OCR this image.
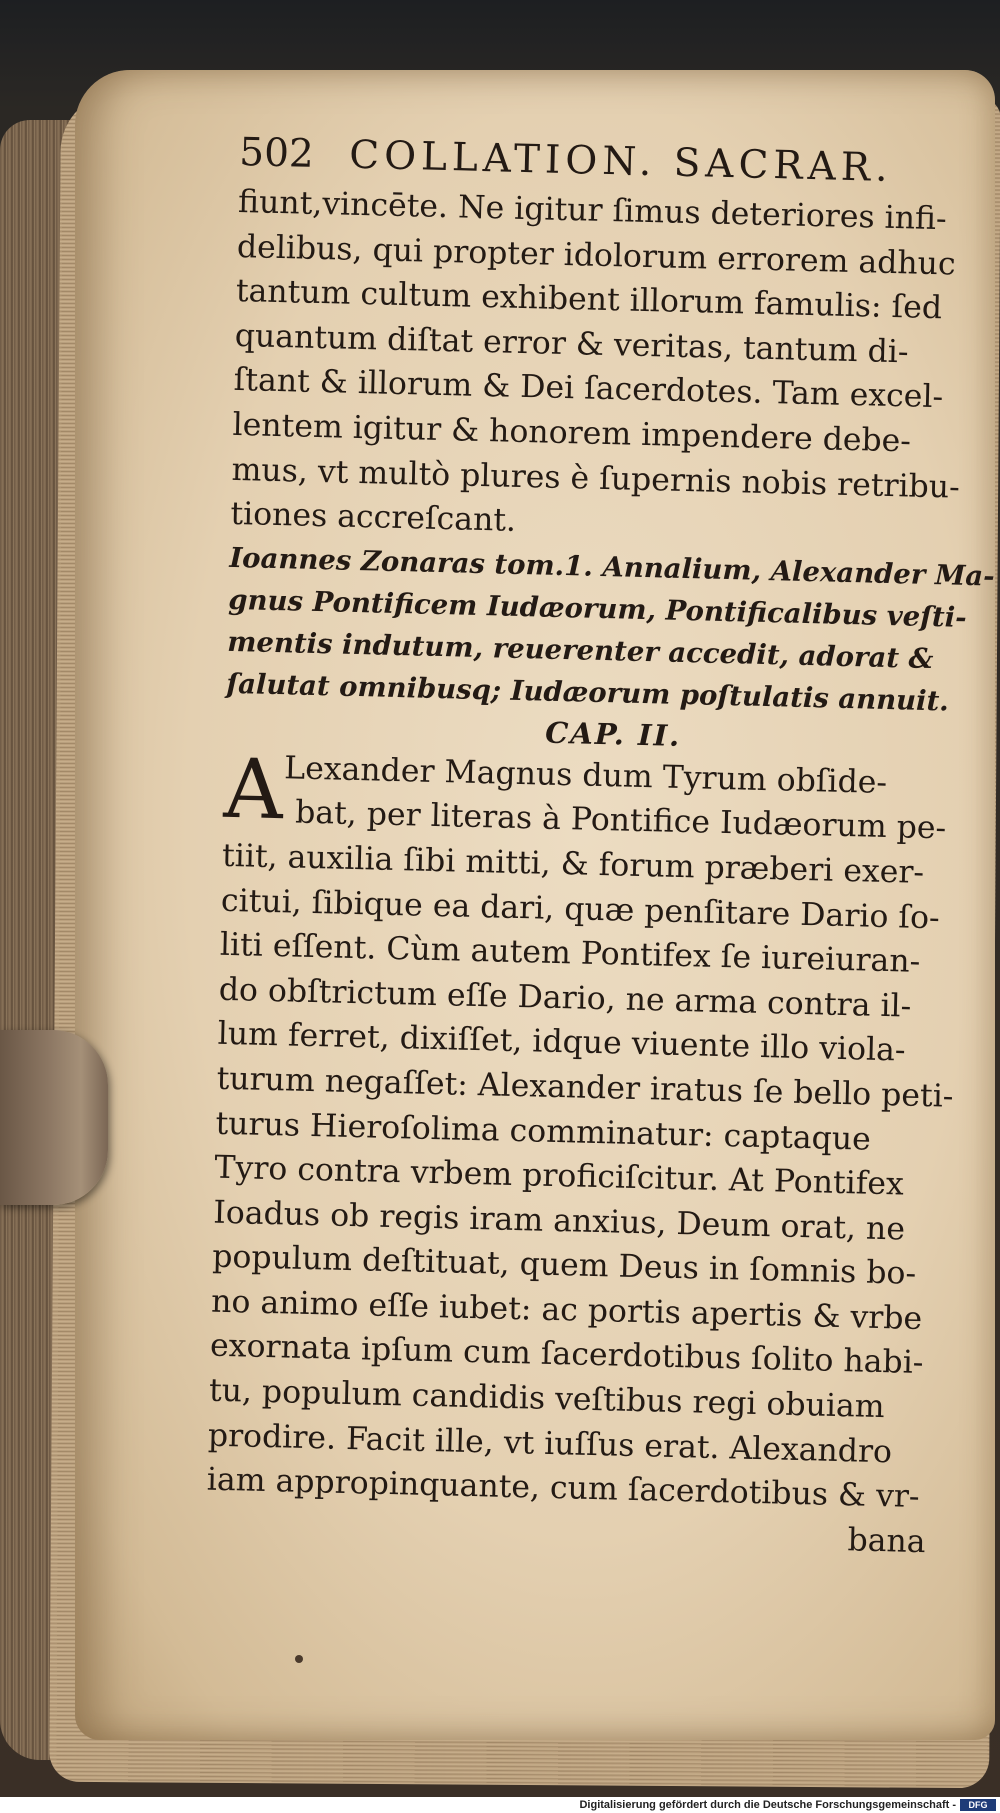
502 COLLATION. SACRAR.
fiunt,vincēte. Ne igitur ſimus deteriores infi-
delibus, qui propter idolorum errorem adhuc
tantum cultum exhibent illorum famulis: ſed
quantum diſtat error & veritas, tantum di-
ſtant & illorum & Dei ſacerdotes. Tam excel-
lentem igitur & honorem impendere debe-
mus, vt multò plures è ſupernis nobis retribu-
tiones accreſcant.
Ioannes Zonaras tom.1. Annalium, Alexander Ma-
gnus Pontificem Iudæorum, Pontificalibus veſti-
mentis indutum, reuerenter accedit, adorat &
ſalutat omnibusq; Iudæorum poſtulatis annuit.
CAP. II.
A Lexander Magnus dum Tyrum obſide-
bat, per literas à Pontifice Iudæorum pe-
tiit, auxilia ſibi mitti, & forum præberi exer-
citui, ſibique ea dari, quæ penſitare Dario ſo-
liti eſſent. Cùm autem Pontifex ſe iureiuran-
do obſtrictum eſſe Dario, ne arma contra il-
lum ferret, dixiſſet, idque viuente illo viola-
turum negaſſet: Alexander iratus ſe bello peti-
turus Hieroſolima comminatur: captaque
Tyro contra vrbem proficiſcitur. At Pontifex
Ioadus ob regis iram anxius, Deum orat, ne
populum deſtituat, quem Deus in ſomnis bo-
no animo eſſe iubet: ac portis apertis & vrbe
exornata ipſum cum ſacerdotibus ſolito habi-
tu, populum candidis veſtibus regi obuiam
prodire. Facit ille, vt iuſſus erat. Alexandro
iam appropinquante, cum ſacerdotibus & vr-
bana
Digitalisierung gefördert durch die Deutsche Forschungsgemeinschaft -	DFG
